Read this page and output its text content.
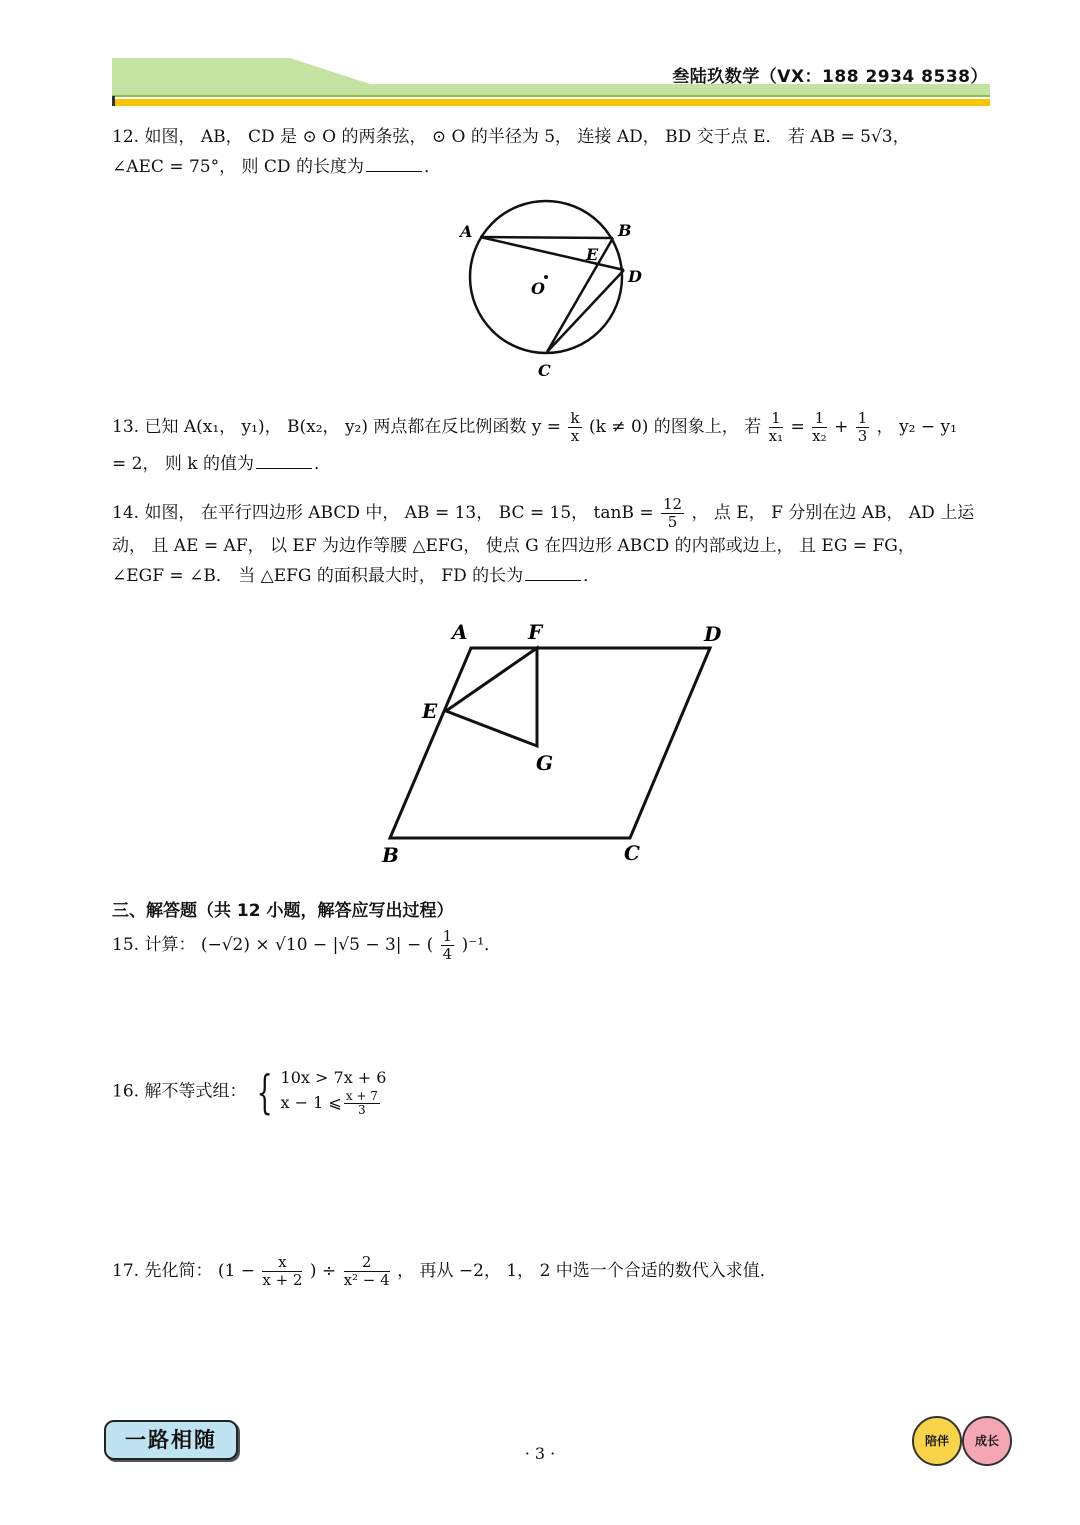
叁陆玖数学（VX：188 2934 8538）
12. 如图， AB， CD 是 ⊙ O 的两条弦， ⊙ O 的半径为 5， 连接 AD， BD 交于点 E． 若 AB = 5√3，
∠AEC = 75°， 则 CD 的长度为	．
A	B
E
D
O
C
13. 已知 A(x₁， y₁)， B(x₂， y₂) 两点都在反比例函数 $y = \frac{k}{x} (k \ne 0)$ 的图象上， 若 $\frac{1}{\text{x₁}} = \frac{1}{\text{x₂}} + \frac{1}{3}$ ， y₂ − y₁
= 2， 则 k 的值为	．
14. 如图， 在平行四边形 ABCD 中， AB = 13， BC = 15， $\tan B = \frac{12}{5}$ ， 点 E， F 分别在边 AB， AD 上运
动， 且 AE = AF， 以 EF 为边作等腰 △EFG， 使点 G 在四边形 ABCD 的内部或边上， 且 EG = FG，
∠EGF = ∠B． 当 △EFG 的面积最大时， FD 的长为	．
A	F	D
E
G
B	C
三、解答题（共 12 小题，解答应写出过程）
15. 计算： (−√2) × √10 − |√5 − 3| − ( $\frac{1}{4} )^{-1}$．
16. 解不等式组： { 10x > 7x + 6
x − 1 ⩽ $\frac{x + 7}{3}$
17. 先化简： ($1 - \frac{x}{x + 2}$ ) ÷ $\frac{2}{\text{x² − 4}}$ ， 再从 −2， 1， 2 中选一个合适的数代入求值．
一路相随
· 3 ·
陪伴	成长
